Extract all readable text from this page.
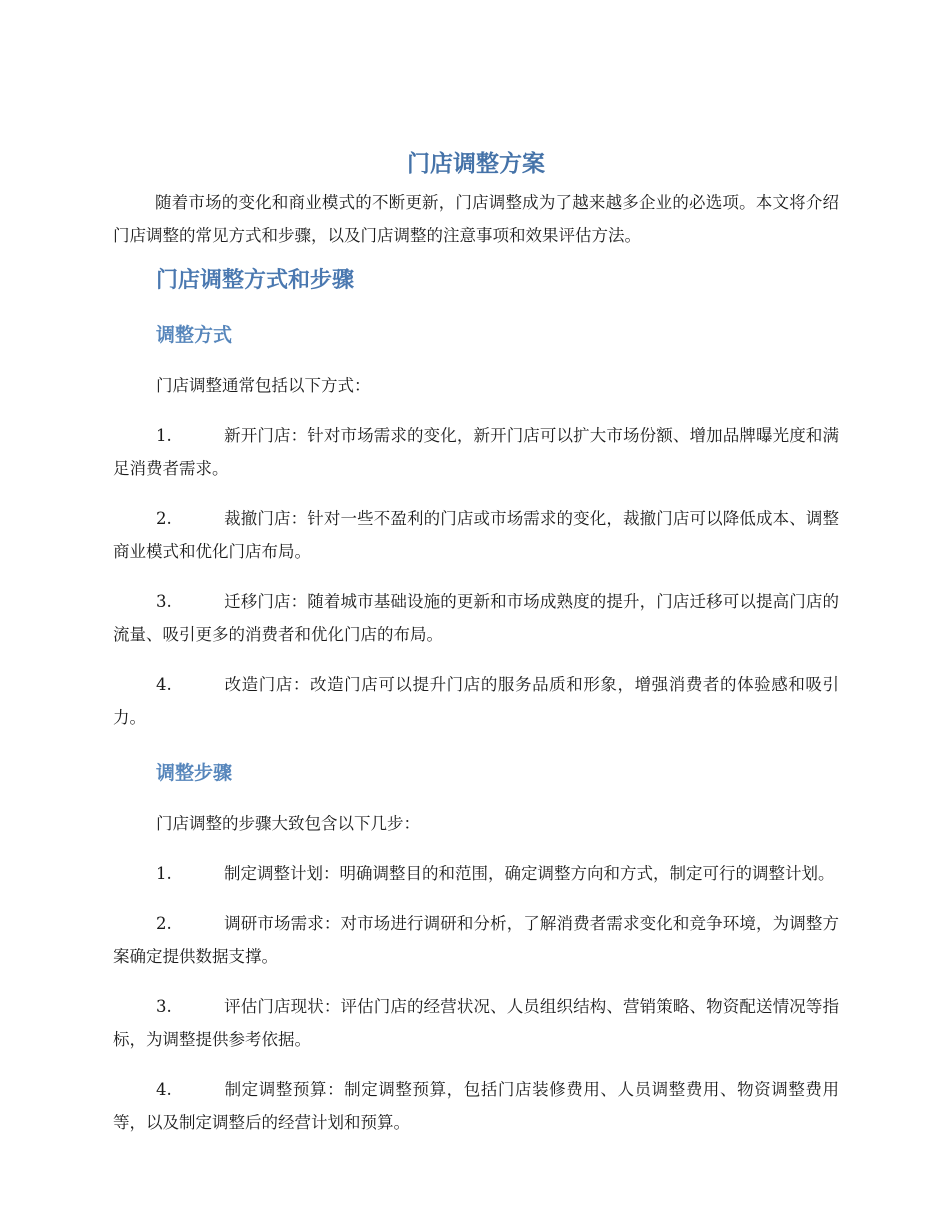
门店调整方案

随着市场的变化和商业模式的不断更新，门店调整成为了越来越多企业的必选项。本文将介绍门店调整的常见方式和步骤，以及门店调整的注意事项和效果评估方法。

门店调整方式和步骤
调整方式

门店调整通常包括以下方式：

1.	新开门店：针对市场需求的变化，新开门店可以扩大市场份额、增加品牌曝光度和满足消费者需求。

2.	裁撤门店：针对一些不盈利的门店或市场需求的变化，裁撤门店可以降低成本、调整商业模式和优化门店布局。

3.	迁移门店：随着城市基础设施的更新和市场成熟度的提升，门店迁移可以提高门店的流量、吸引更多的消费者和优化门店的布局。

4.	改造门店：改造门店可以提升门店的服务品质和形象，增强消费者的体验感和吸引力。

调整步骤

门店调整的步骤大致包含以下几步：

1.	制定调整计划：明确调整目的和范围，确定调整方向和方式，制定可行的调整计划。

2.	调研市场需求：对市场进行调研和分析，了解消费者需求变化和竞争环境，为调整方案确定提供数据支撑。

3.	评估门店现状：评估门店的经营状况、人员组织结构、营销策略、物资配送情况等指标，为调整提供参考依据。

4.	制定调整预算：制定调整预算，包括门店装修费用、人员调整费用、物资调整费用等，以及制定调整后的经营计划和预算。
